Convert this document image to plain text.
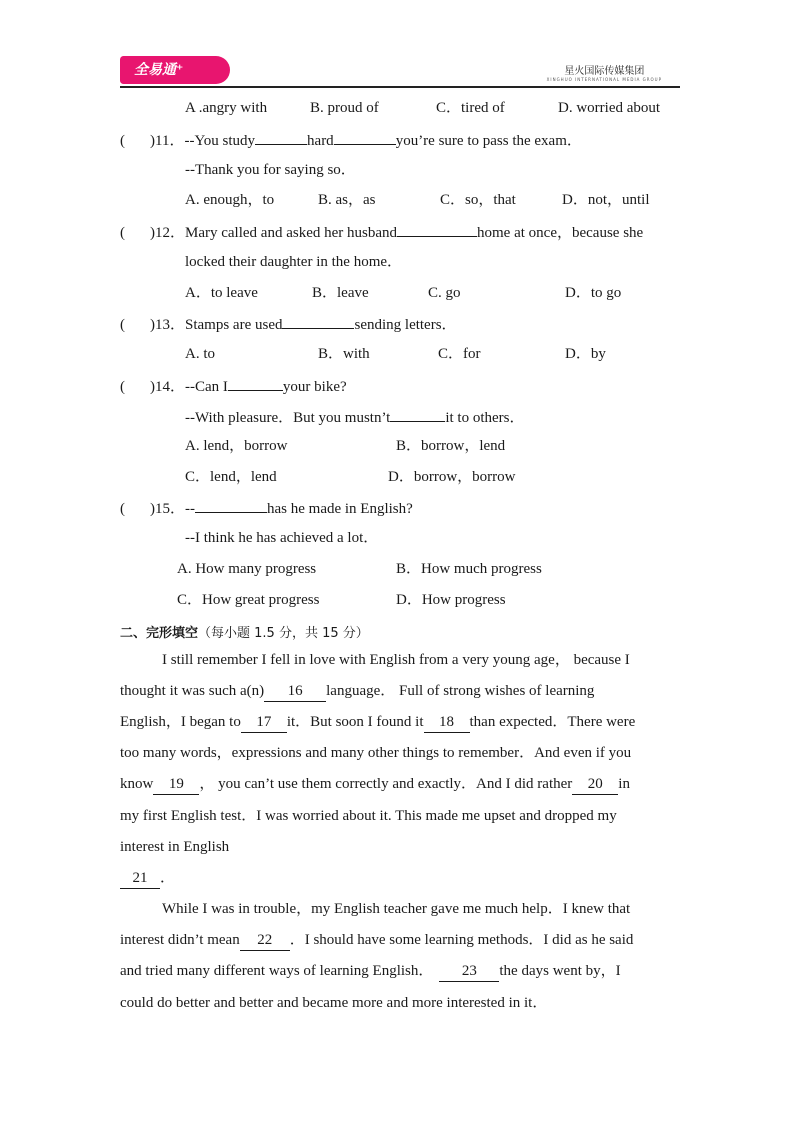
全易通⁺	星火国际传媒集团
XINGHUO INTERNATIONAL MEDIA GROUP
A .angry with	B. proud of	C．tired of	D. worried about
( )11．--You study	hard	you’re sure to pass the exam．
--Thank you for saying so．
A. enough，to	B. as，as	C．so，that	D．not，until
( )12．Mary called and asked her husband	home at once，because she
locked their daughter in the home．
A．to leave	B．leave	C. go	D．to go
( )13．Stamps are used	sending letters．
A. to	B．with	C．for	D．by
( )14．--Can I	your bike?
--With pleasure．But you mustn’t	it to others．
A. lend，borrow	B．borrow，lend
C．lend，lend	D．borrow，borrow
( )15．--	has he made in English?
--I think he has achieved a lot．
A. How many progress	B．How much progress
C．How great progress	D．How progress
二、完形填空（每小题 1.5 分，共 15 分）
I still remember I fell in love with English from a very young age， because I
thought it was such a(n) 16 language． Full of strong wishes of learning
English，I began to 17 it．But soon I found it 18 than expected．There were
too many words，expressions and many other things to remember．And even if you
know 19 ， you can’t use them correctly and exactly．And I did rather 20 in
my first English test．I was worried about it. This made me upset and dropped my
interest in English
21 ．
While I was in trouble，my English teacher gave me much help．I knew that
interest didn’t mean 22 ．I should have some learning methods．I did as he said
and tried many different ways of learning English． 23 the days went by，I
could do better and better and became more and more interested in it．
